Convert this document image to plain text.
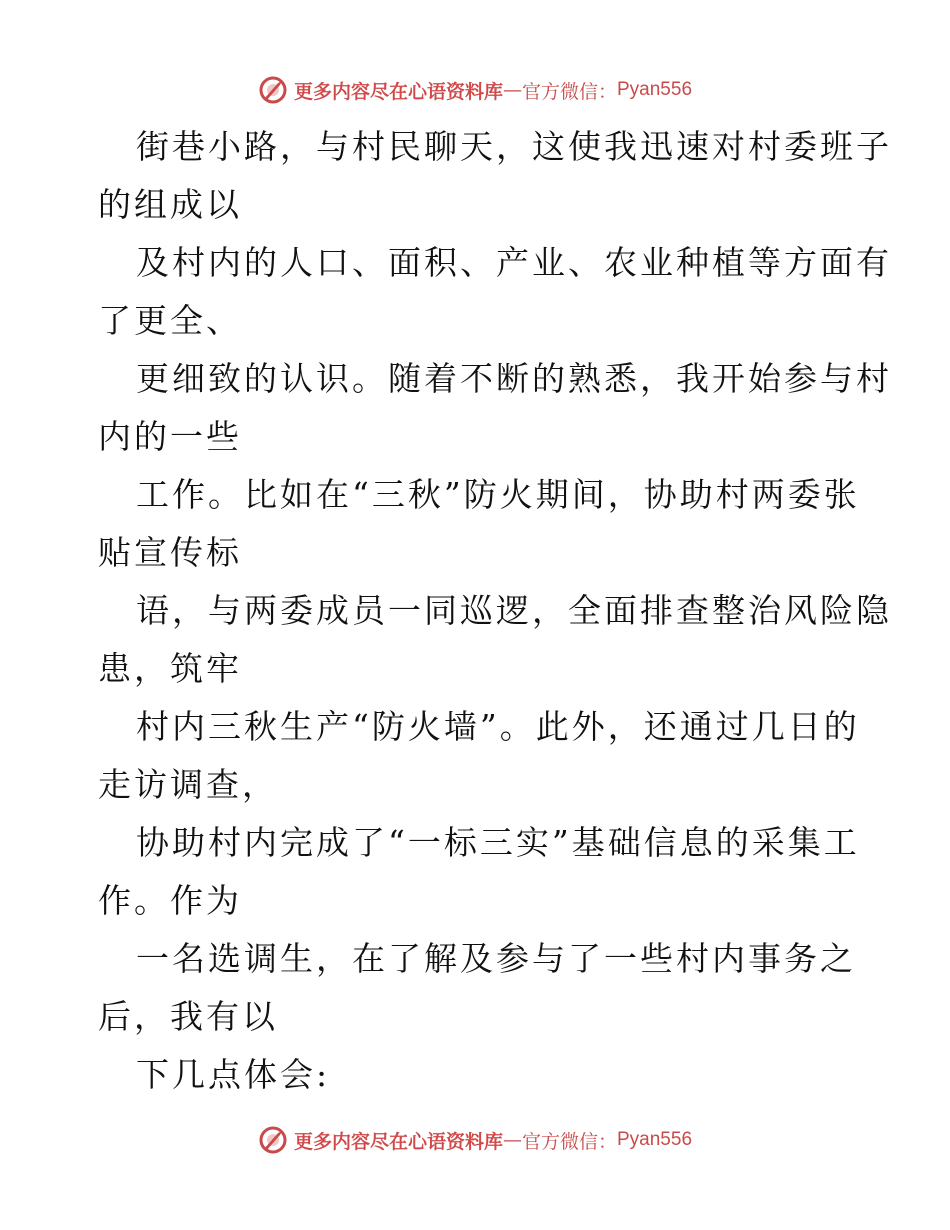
更多内容尽在心语资料库 — 官方微信： Pyan556

街巷小路，与村民聊天，这使我迅速对村委班子
的组成以

及村内的人口、面积、产业、农业种植等方面有
了更全、

更细致的认识。随着不断的熟悉，我开始参与村
内的一些

工作。比如在“三秋”防火期间，协助村两委张
贴宣传标

语，与两委成员一同巡逻，全面排查整治风险隐
患，筑牢

村内三秋生产“防火墙”。此外，还通过几日的
走访调查，

协助村内完成了“一标三实”基础信息的采集工
作。作为

一名选调生，在了解及参与了一些村内事务之
后，我有以

下几点体会:

更多内容尽在心语资料库 — 官方微信： Pyan556
